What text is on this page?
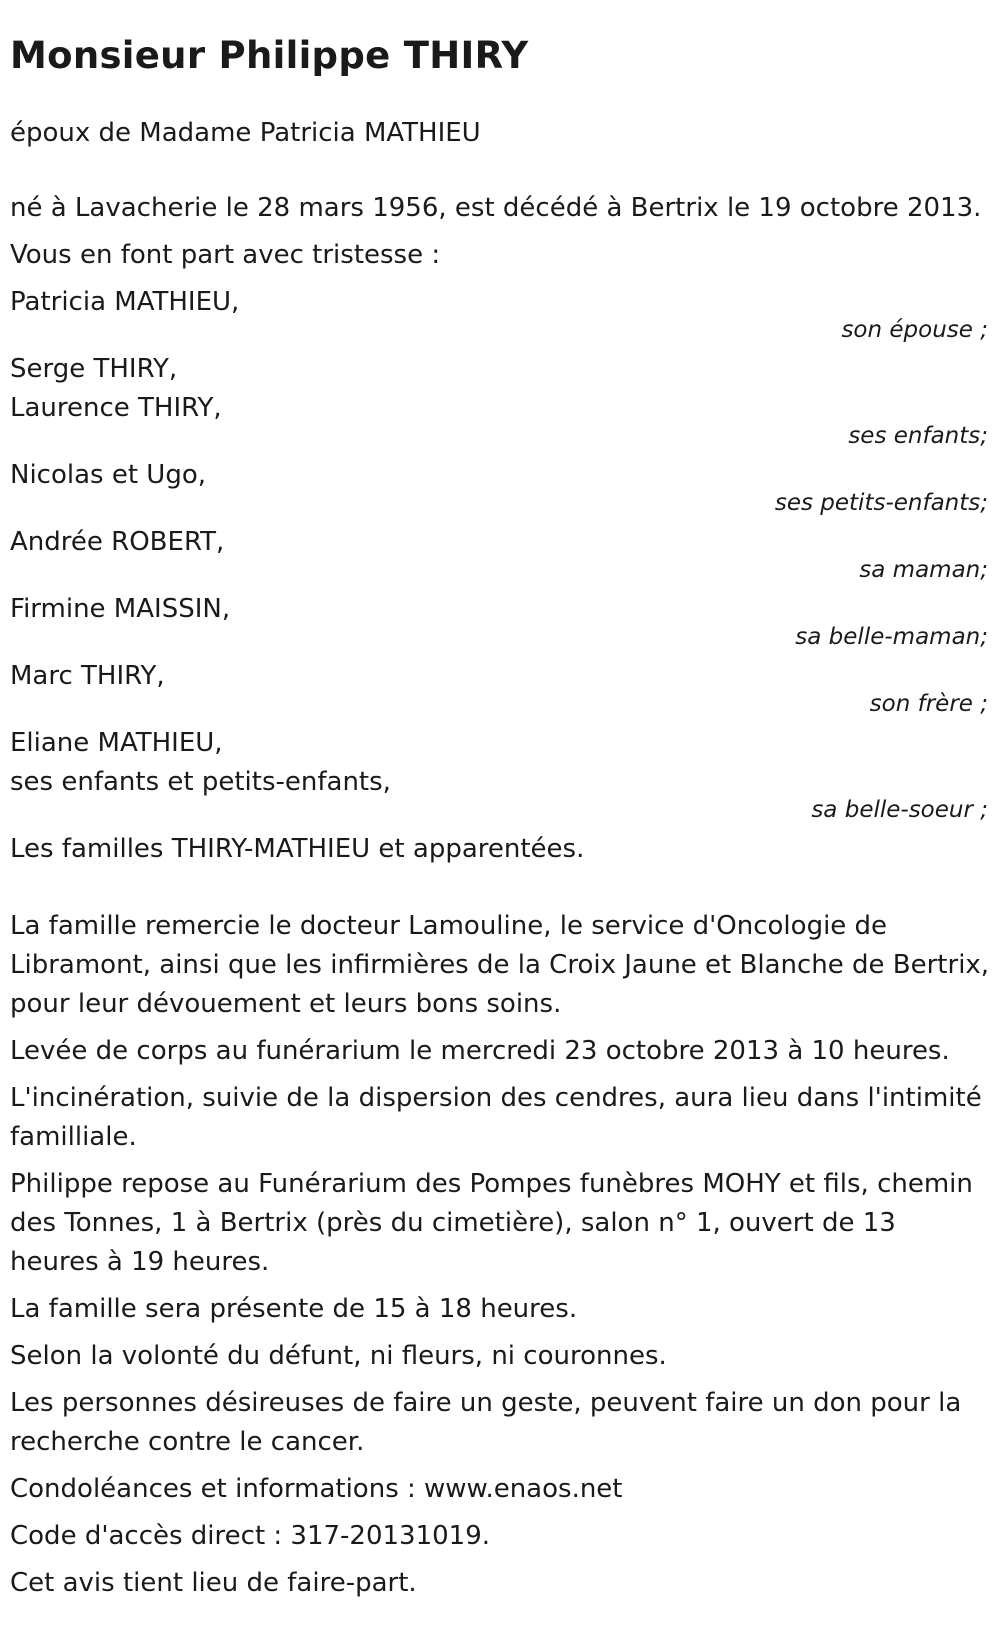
Monsieur Philippe THIRY

époux de Madame Patricia MATHIEU

né à Lavacherie le 28 mars 1956, est décédé à Bertrix le 19 octobre 2013.

Vous en font part avec tristesse :

Patricia MATHIEU,
son épouse ;
Serge THIRY,
Laurence THIRY,
ses enfants;
Nicolas et Ugo,
ses petits-enfants;
Andrée ROBERT,
sa maman;
Firmine MAISSIN,
sa belle-maman;
Marc THIRY,
son frère ;
Eliane MATHIEU,
ses enfants et petits-enfants,
sa belle-soeur ;

Les familles THIRY-MATHIEU et apparentées.

La famille remercie le docteur Lamouline, le service d'Oncologie de Libramont, ainsi que les infirmières de la Croix Jaune et Blanche de Bertrix, pour leur dévouement et leurs bons soins.

Levée de corps au funérarium le mercredi 23 octobre 2013 à 10 heures.

L'incinération, suivie de la dispersion des cendres, aura lieu dans l'intimité familliale.

Philippe repose au Funérarium des Pompes funèbres MOHY et fils, chemin des Tonnes, 1 à Bertrix (près du cimetière), salon n° 1, ouvert de 13 heures à 19 heures.

La famille sera présente de 15 à 18 heures.

Selon la volonté du défunt, ni fleurs, ni couronnes.

Les personnes désireuses de faire un geste, peuvent faire un don pour la recherche contre le cancer.

Condoléances et informations : www.enaos.net

Code d'accès direct : 317-20131019.

Cet avis tient lieu de faire-part.
